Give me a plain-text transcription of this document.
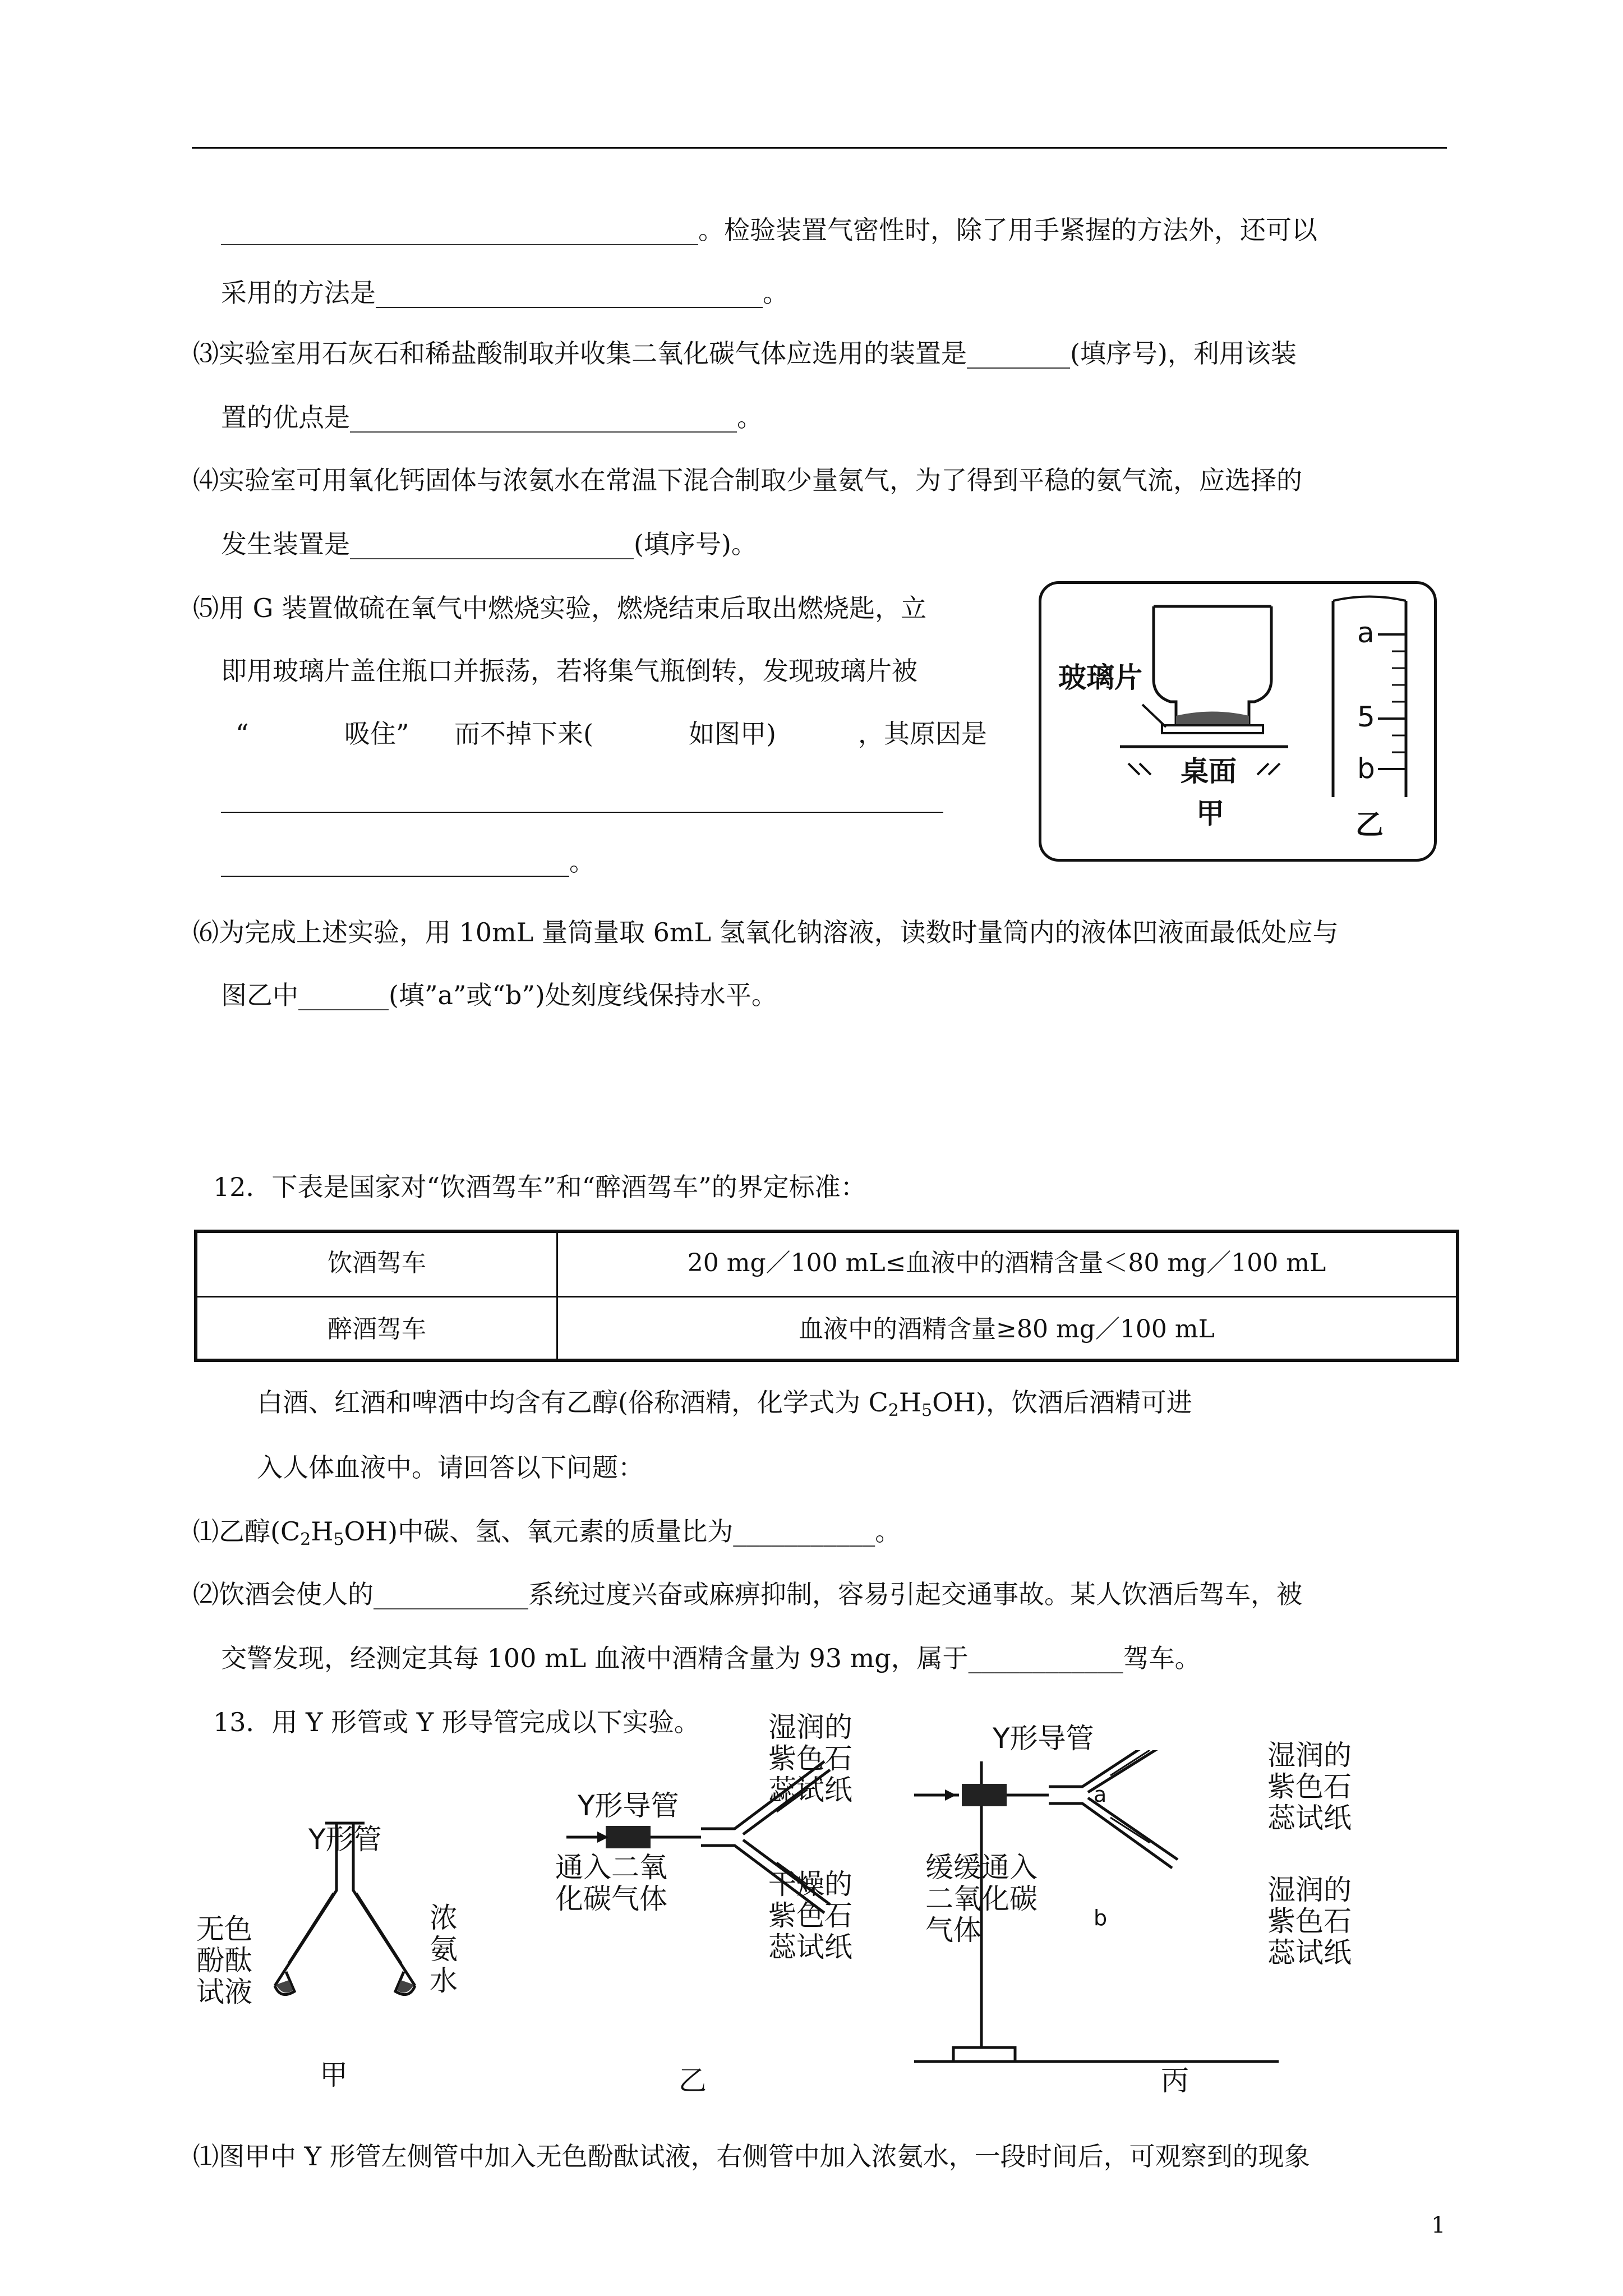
_____________________________________。检验装置气密性时，除了用手紧握的方法外，还可以
采用的方法是______________________________。
⑶实验室用石灰石和稀盐酸制取并收集二氧化碳气体应选用的装置是________(填序号)，利用该装
置的优点是______________________________。
⑷实验室可用氧化钙固体与浓氨水在常温下混合制取少量氨气，为了得到平稳的氨气流，应选择的
发生装置是______________________(填序号)。
⑸用 G 装置做硫在氧气中燃烧实验，燃烧结束后取出燃烧匙，立
即用玻璃片盖住瓶口并振荡，若将集气瓶倒转，发现玻璃片被
“	吸住” 而不掉下来(	如图甲)	，其原因是
________________________________________________________
___________________________。
玻璃片
桌面
甲	乙
a
5
b
⑹为完成上述实验，用 10mL 量筒量取 6mL 氢氧化钠溶液，读数时量筒内的液体凹液面最低处应与
图乙中_______(填”a”或“b”)处刻度线保持水平。
12．下表是国家对“饮酒驾车”和“醉酒驾车”的界定标准：
饮酒驾车	20 mg／100 mL≤血液中的酒精含量＜80 mg／100 mL
醉酒驾车	血液中的酒精含量≥80 mg／100 mL
白酒、红酒和啤酒中均含有乙醇(俗称酒精，化学式为 $C_2H_5OH$)，饮酒后酒精可进
入人体血液中。请回答以下问题：
⑴乙醇$(C_2H_5OH)$中碳、氢、氧元素的质量比为___________。
⑵饮酒会使人的____________系统过度兴奋或麻痹抑制，容易引起交通事故。某人饮酒后驾车，被
交警发现，经测定其每 100 mL 血液中酒精含量为 93 mg，属于____________驾车。
13．用 Y 形管或 Y 形导管完成以下实验。
Y形管
无色
酚酞
试液
浓
氨
水
甲
Y形导管
通入二氧
化碳气体
湿润的
紫色石
蕊试纸
干燥的
紫色石
蕊试纸
乙
Y形导管
a
b
缓缓通入
二氧化碳
气体
湿润的
紫色石
蕊试纸
湿润的
紫色石
蕊试纸
丙
⑴图甲中 Y 形管左侧管中加入无色酚酞试液，右侧管中加入浓氨水，一段时间后，可观察到的现象
1
